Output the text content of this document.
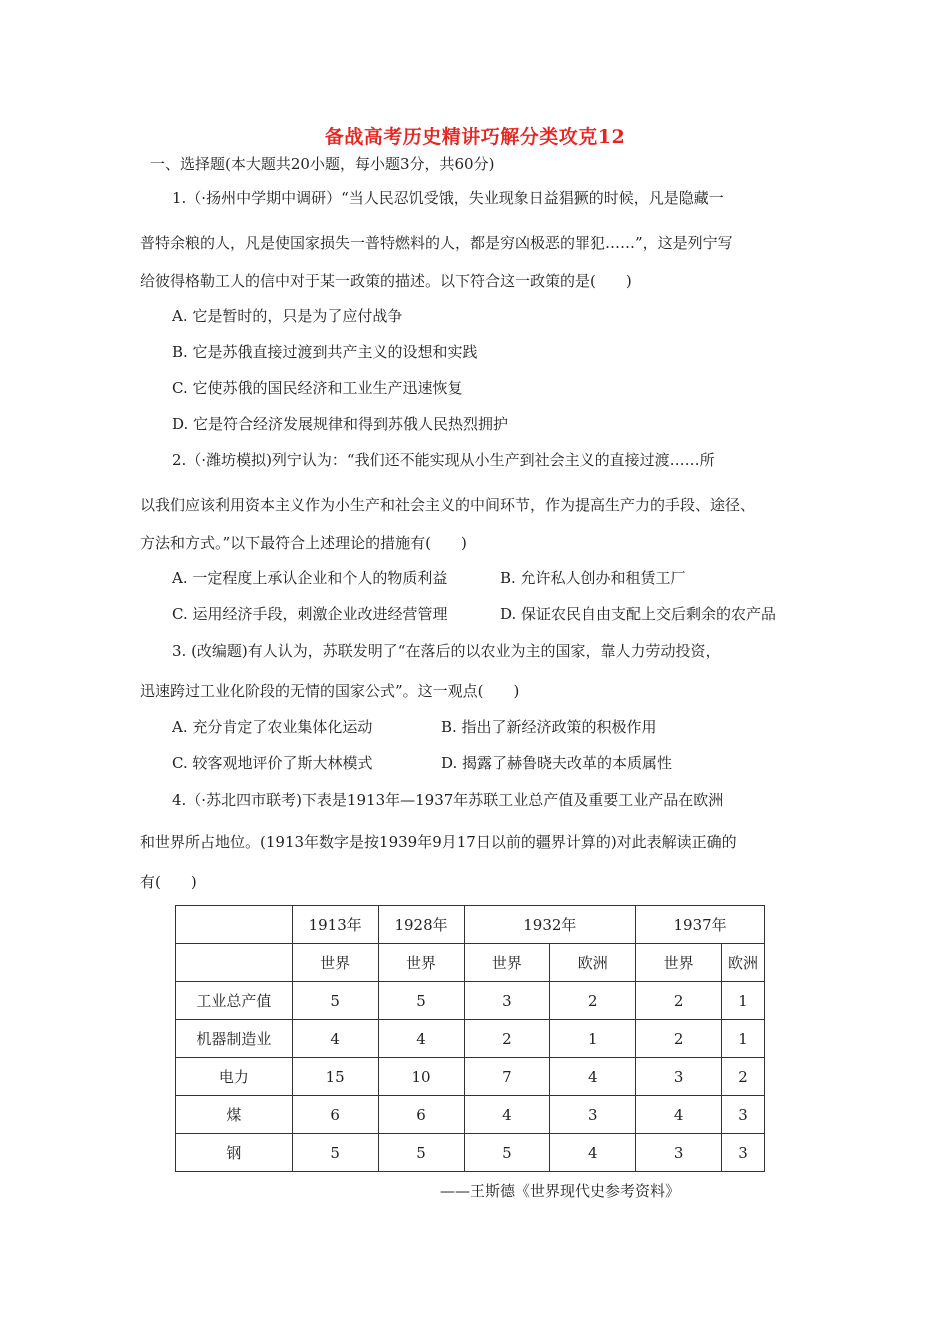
备战高考历史精讲巧解分类攻克12
一、选择题(本大题共20小题，每小题3分，共60分)
1.（·扬州中学期中调研）“当人民忍饥受饿，失业现象日益猖獗的时候，凡是隐藏一
普特余粮的人，凡是使国家损失一普特燃料的人，都是穷凶极恶的罪犯……”，这是列宁写
给彼得格勒工人的信中对于某一政策的描述。以下符合这一政策的是(　　)
A. 它是暂时的，只是为了应付战争
B. 它是苏俄直接过渡到共产主义的设想和实践
C. 它使苏俄的国民经济和工业生产迅速恢复
D. 它是符合经济发展规律和得到苏俄人民热烈拥护
2.（·潍坊模拟)列宁认为：“我们还不能实现从小生产到社会主义的直接过渡……所
以我们应该利用资本主义作为小生产和社会主义的中间环节，作为提高生产力的手段、途径、
方法和方式。”以下最符合上述理论的措施有(　　)
A. 一定程度上承认企业和个人的物质利益	B. 允许私人创办和租赁工厂
C. 运用经济手段，刺激企业改进经营管理	D. 保证农民自由支配上交后剩余的农产品
3. (改编题)有人认为，苏联发明了“在落后的以农业为主的国家，靠人力劳动投资，
迅速跨过工业化阶段的无情的国家公式”。这一观点(　　)
A. 充分肯定了农业集体化运动	B. 指出了新经济政策的积极作用
C. 较客观地评价了斯大林模式	D. 揭露了赫鲁晓夫改革的本质属性
4.（·苏北四市联考)下表是1913年—1937年苏联工业总产值及重要工业产品在欧洲
和世界所占地位。(1913年数字是按1939年9月17日以前的疆界计算的)对此表解读正确的
有(　　)
	1913年	1928年	1932年		1937年	
	世界	世界	世界	欧洲	世界	欧洲
工业总产值	5	5	3	2	2	1
机器制造业	4	4	2	1	2	1
电力	15	10	7	4	3	2
煤	6	6	4	3	4	3
钢	5	5	5	4	3	3
——王斯德《世界现代史参考资料》
